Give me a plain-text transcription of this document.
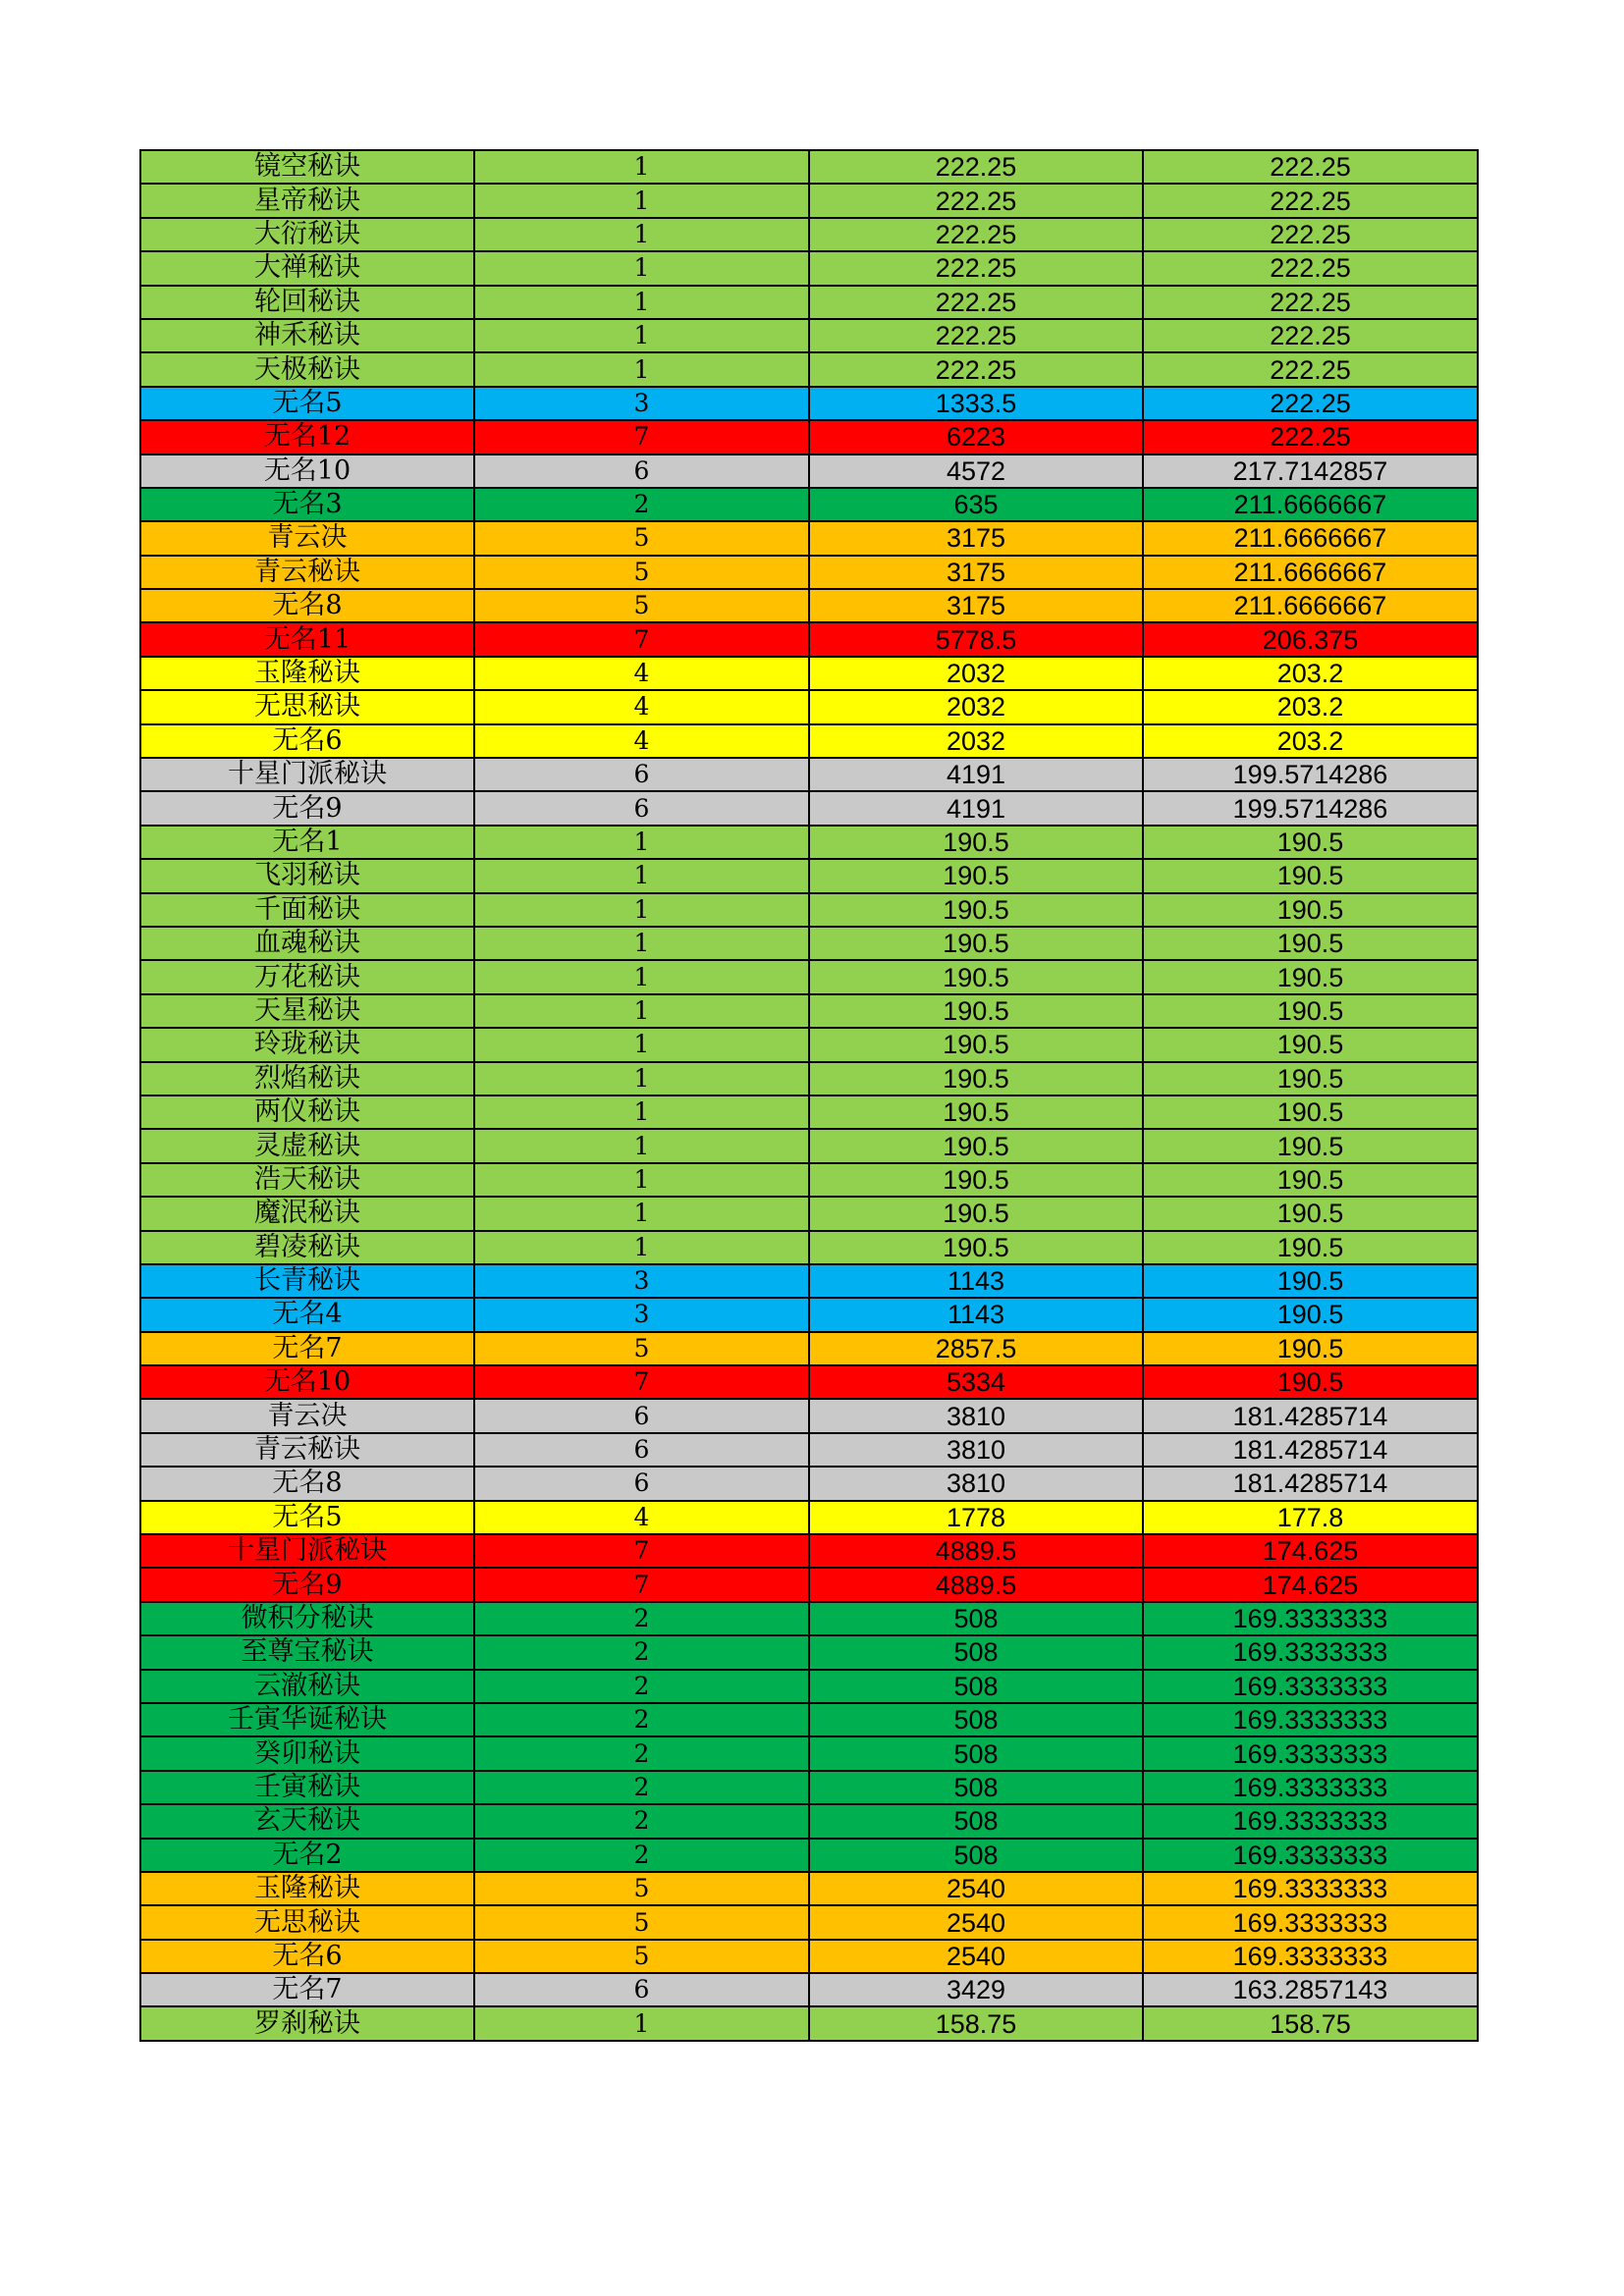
镜空秘诀	1	222.25	222.25
星帝秘诀	1	222.25	222.25
大衍秘诀	1	222.25	222.25
大禅秘诀	1	222.25	222.25
轮回秘诀	1	222.25	222.25
神禾秘诀	1	222.25	222.25
天极秘诀	1	222.25	222.25
无名5	3	1333.5	222.25
无名12	7	6223	222.25
无名10	6	4572	217.7142857
无名3	2	635	211.6666667
青云决	5	3175	211.6666667
青云秘诀	5	3175	211.6666667
无名8	5	3175	211.6666667
无名11	7	5778.5	206.375
玉隆秘诀	4	2032	203.2
无思秘诀	4	2032	203.2
无名6	4	2032	203.2
十星门派秘诀	6	4191	199.5714286
无名9	6	4191	199.5714286
无名1	1	190.5	190.5
飞羽秘诀	1	190.5	190.5
千面秘诀	1	190.5	190.5
血魂秘诀	1	190.5	190.5
万花秘诀	1	190.5	190.5
天星秘诀	1	190.5	190.5
玲珑秘诀	1	190.5	190.5
烈焰秘诀	1	190.5	190.5
两仪秘诀	1	190.5	190.5
灵虚秘诀	1	190.5	190.5
浩天秘诀	1	190.5	190.5
魔泯秘诀	1	190.5	190.5
碧凌秘诀	1	190.5	190.5
长青秘诀	3	1143	190.5
无名4	3	1143	190.5
无名7	5	2857.5	190.5
无名10	7	5334	190.5
青云决	6	3810	181.4285714
青云秘诀	6	3810	181.4285714
无名8	6	3810	181.4285714
无名5	4	1778	177.8
十星门派秘诀	7	4889.5	174.625
无名9	7	4889.5	174.625
微积分秘诀	2	508	169.3333333
至尊宝秘诀	2	508	169.3333333
云澈秘诀	2	508	169.3333333
壬寅华诞秘诀	2	508	169.3333333
癸卯秘诀	2	508	169.3333333
壬寅秘诀	2	508	169.3333333
玄天秘诀	2	508	169.3333333
无名2	2	508	169.3333333
玉隆秘诀	5	2540	169.3333333
无思秘诀	5	2540	169.3333333
无名6	5	2540	169.3333333
无名7	6	3429	163.2857143
罗刹秘诀	1	158.75	158.75
